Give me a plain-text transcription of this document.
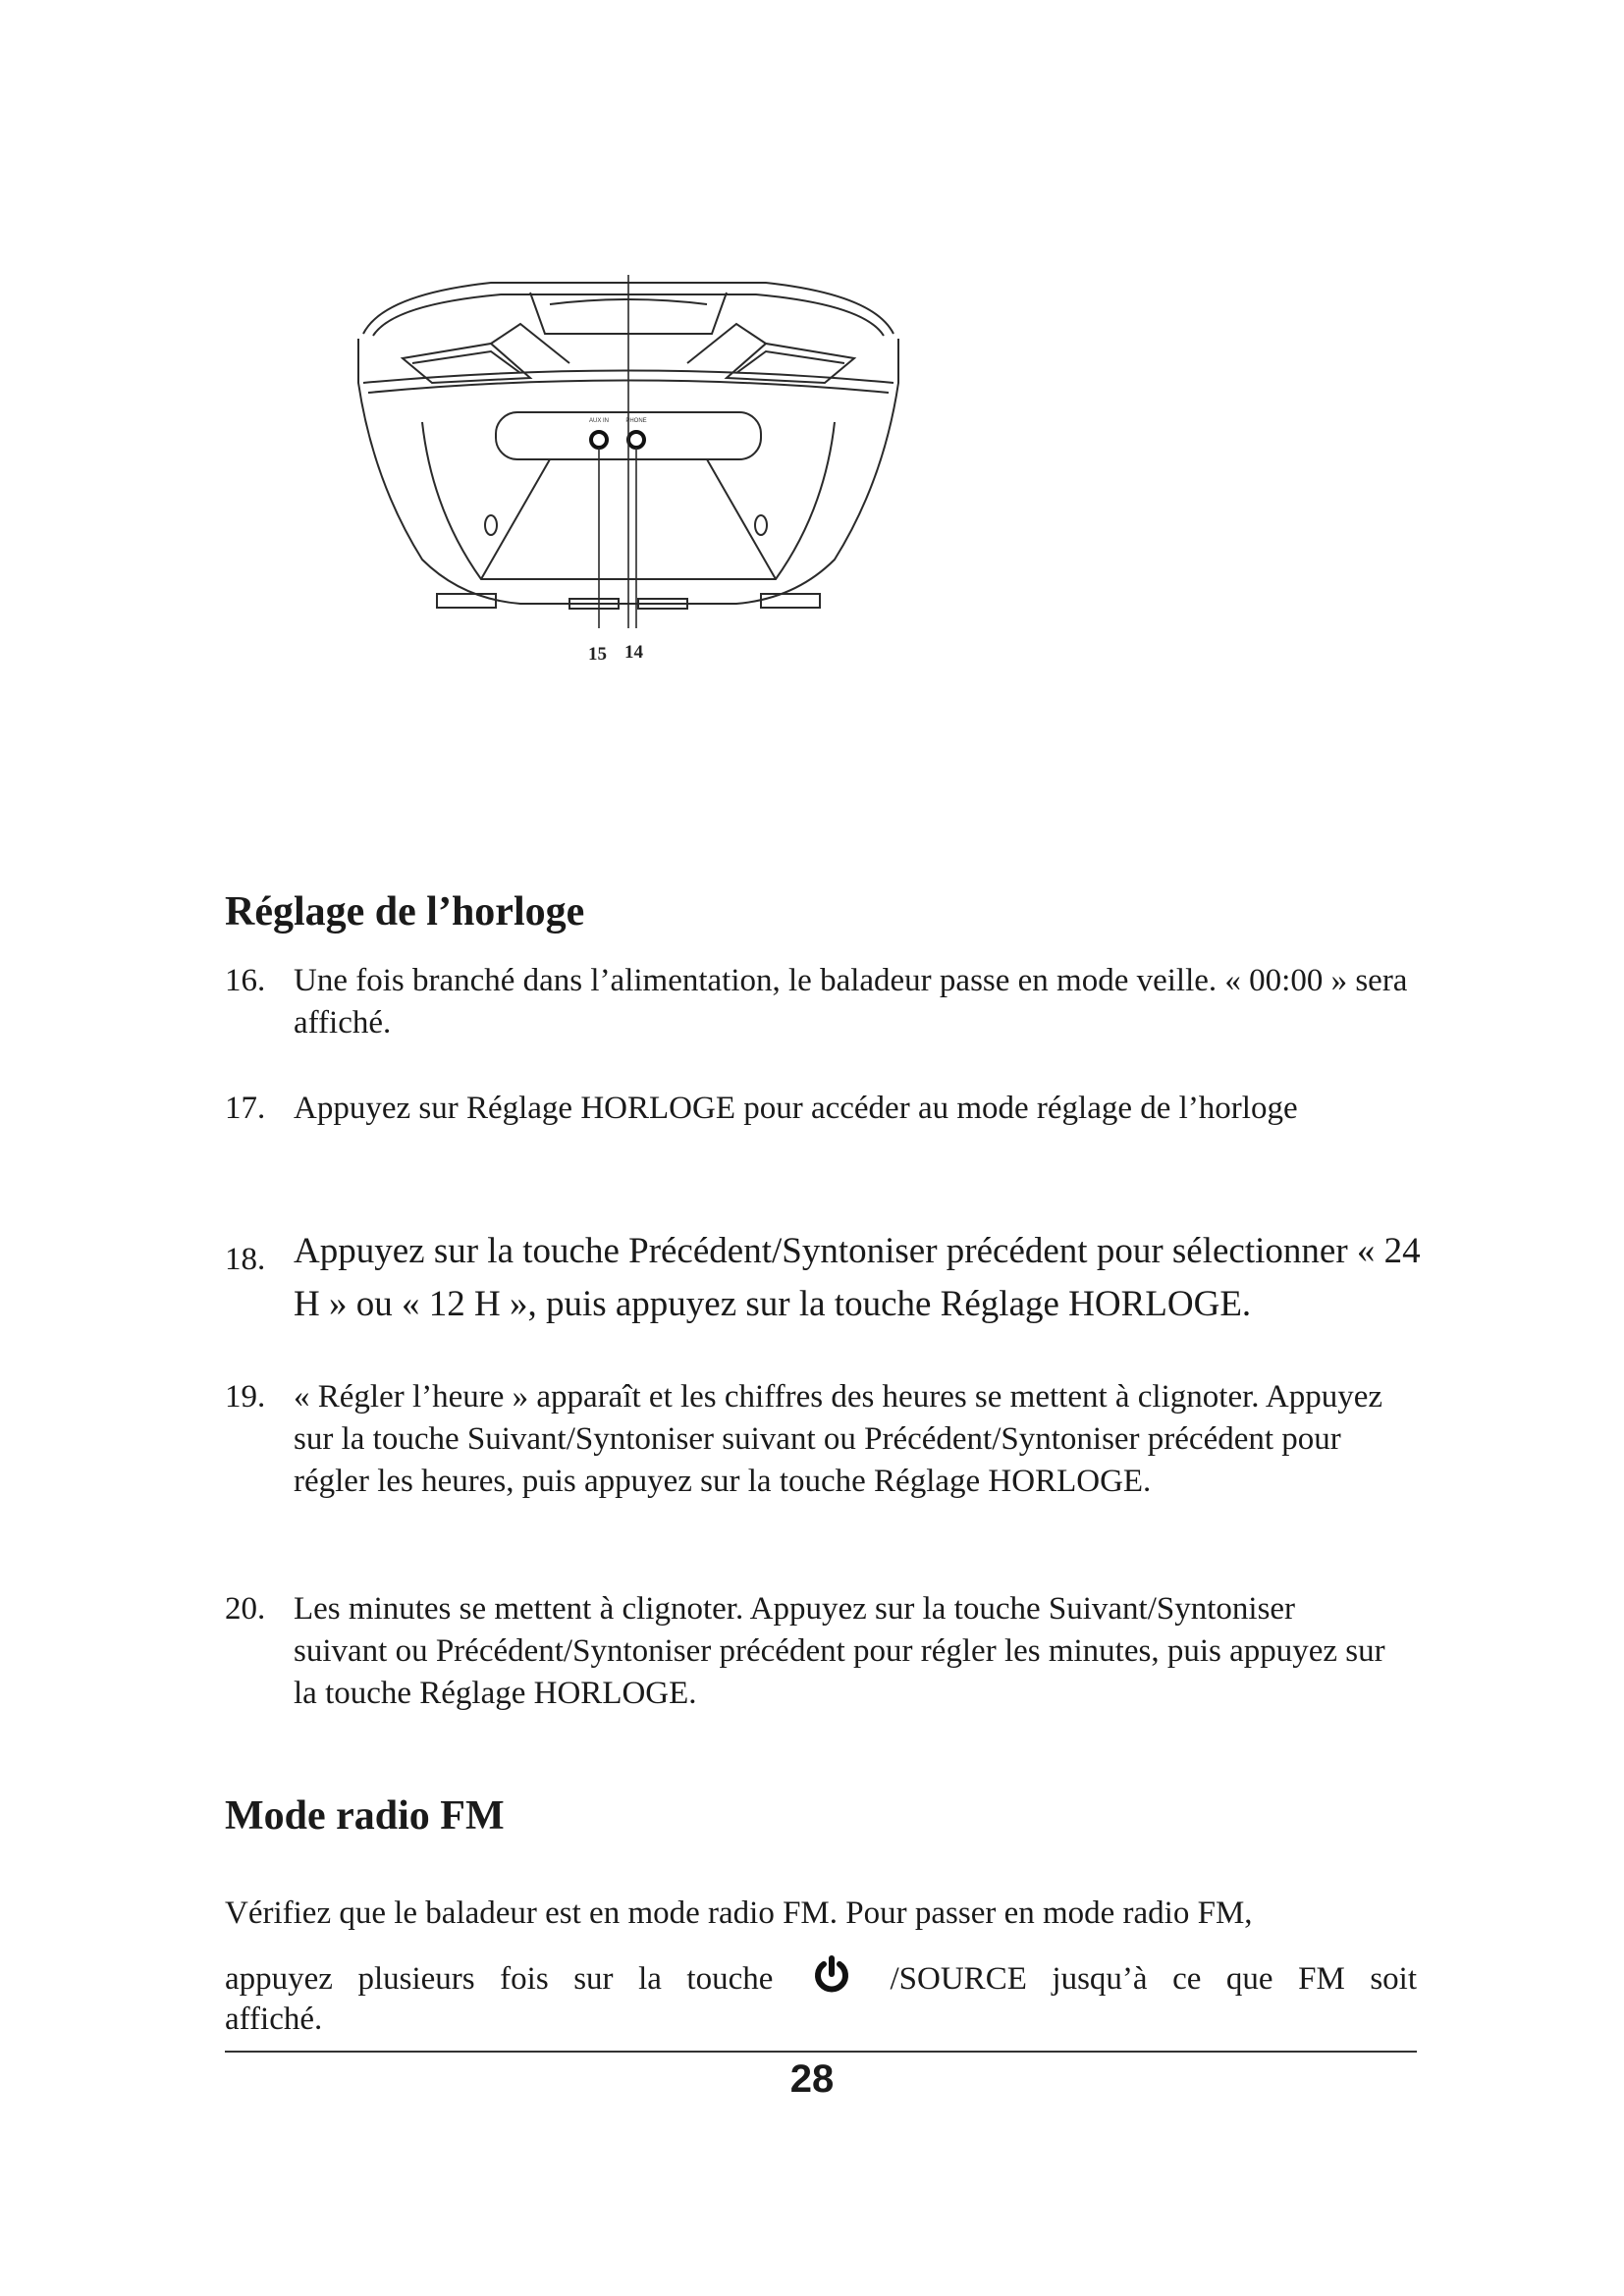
AUX IN	PHONE
15 14
Réglage de l’horloge
16. Une fois branché dans l’alimentation, le baladeur passe en mode veille. « 00:00 » sera affiché.
17. Appuyez sur Réglage HORLOGE pour accéder au mode réglage de l’horloge
18. Appuyez sur la touche Précédent/Syntoniser précédent pour sélectionner « 24 H » ou « 12 H », puis appuyez sur la touche Réglage HORLOGE.
19. « Régler l’heure » apparaît et les chiffres des heures se mettent à clignoter. Appuyez sur la touche Suivant/Syntoniser suivant ou Précédent/Syntoniser précédent pour régler les heures, puis appuyez sur la touche Réglage HORLOGE.
20. Les minutes se mettent à clignoter. Appuyez sur la touche Suivant/Syntoniser suivant ou Précédent/Syntoniser précédent pour régler les minutes, puis appuyez sur la touche Réglage HORLOGE.
Mode radio FM
Vérifiez que le baladeur est en mode radio FM. Pour passer en mode radio FM,
appuyez plusieurs fois sur la touche	/SOURCE jusqu’à ce que FM soit
affiché.
28
